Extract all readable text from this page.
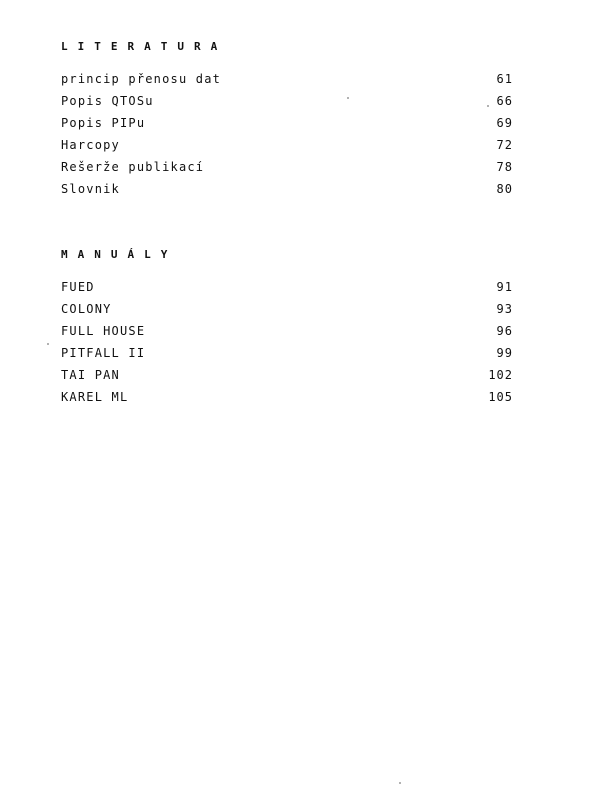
LITERATURA
princip přenosu dat	61
Popis QTOSu	66
Popis PIPu	69
Harcopy	72
Rešerže publikací	78
Slovnik	80
MANUÁLY
FUED	91
COLONY	93
FULL HOUSE	96
PITFALL II	99
TAI PAN	102
KAREL ML	105
